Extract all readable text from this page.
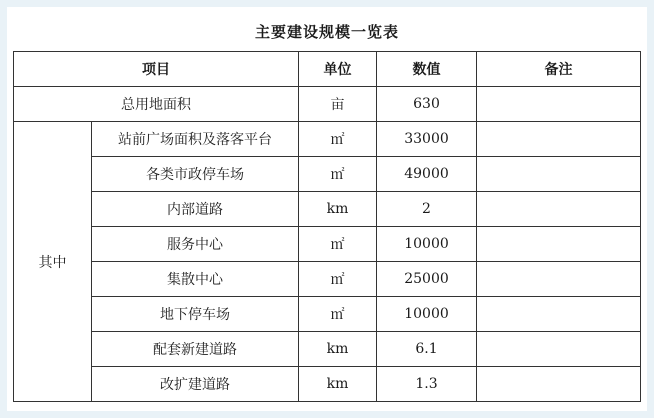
主要建设规模一览表
项目		单位	数值	备注
总用地面积		亩	630	
其中	站前广场面积及落客平台	㎡	33000	
	各类市政停车场	㎡	49000	
	内部道路	km	2	
	服务中心	㎡	10000	
	集散中心	㎡	25000	
	地下停车场	㎡	10000	
	配套新建道路	km	6.1	
	改扩建道路	km	1.3	
